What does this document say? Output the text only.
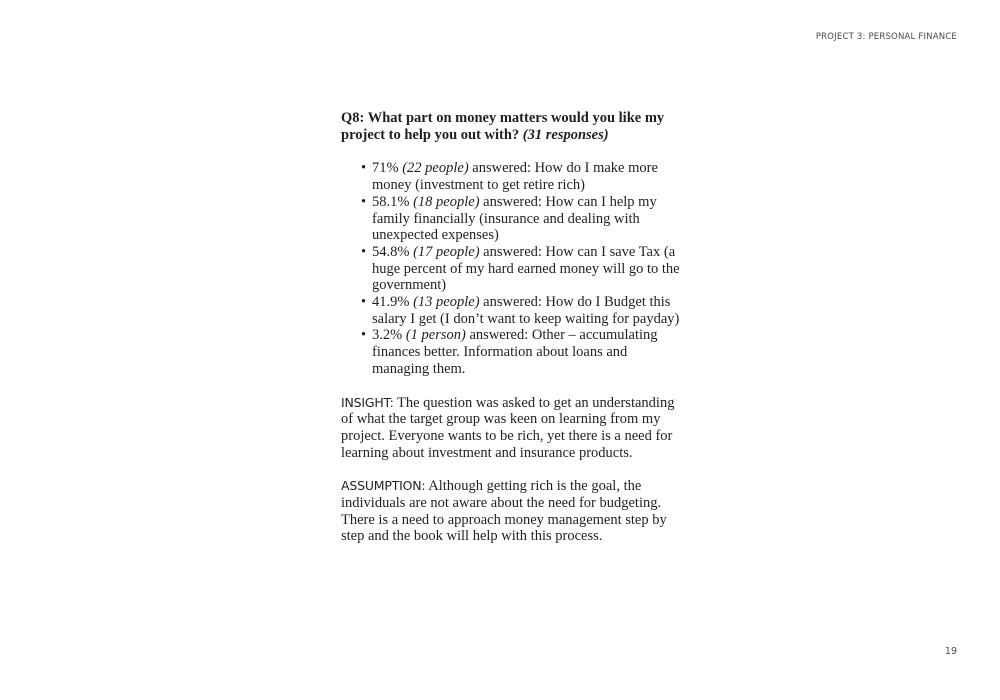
PROJECT 3: PERSONAL FINANCE
Q8: What part on money matters would you like my project to help you out with? (31 responses)
• 71% (22 people) answered: How do I make more money (investment to get retire rich)
• 58.1% (18 people) answered: How can I help my family financially (insurance and dealing with unexpected expenses)
• 54.8% (17 people) answered: How can I save Tax (a huge percent of my hard earned money will go to the government)
• 41.9% (13 people) answered: How do I Budget this salary I get (I don’t want to keep waiting for payday)
• 3.2% (1 person) answered: Other – accumulating finances better. Information about loans and managing them.

INSIGHT: The question was asked to get an understanding of what the target group was keen on learning from my project. Everyone wants to be rich, yet there is a need for learning about investment and insurance products.

ASSUMPTION: Although getting rich is the goal, the individuals are not aware about the need for budgeting. There is a need to approach money management step by step and the book will help with this process.

19
